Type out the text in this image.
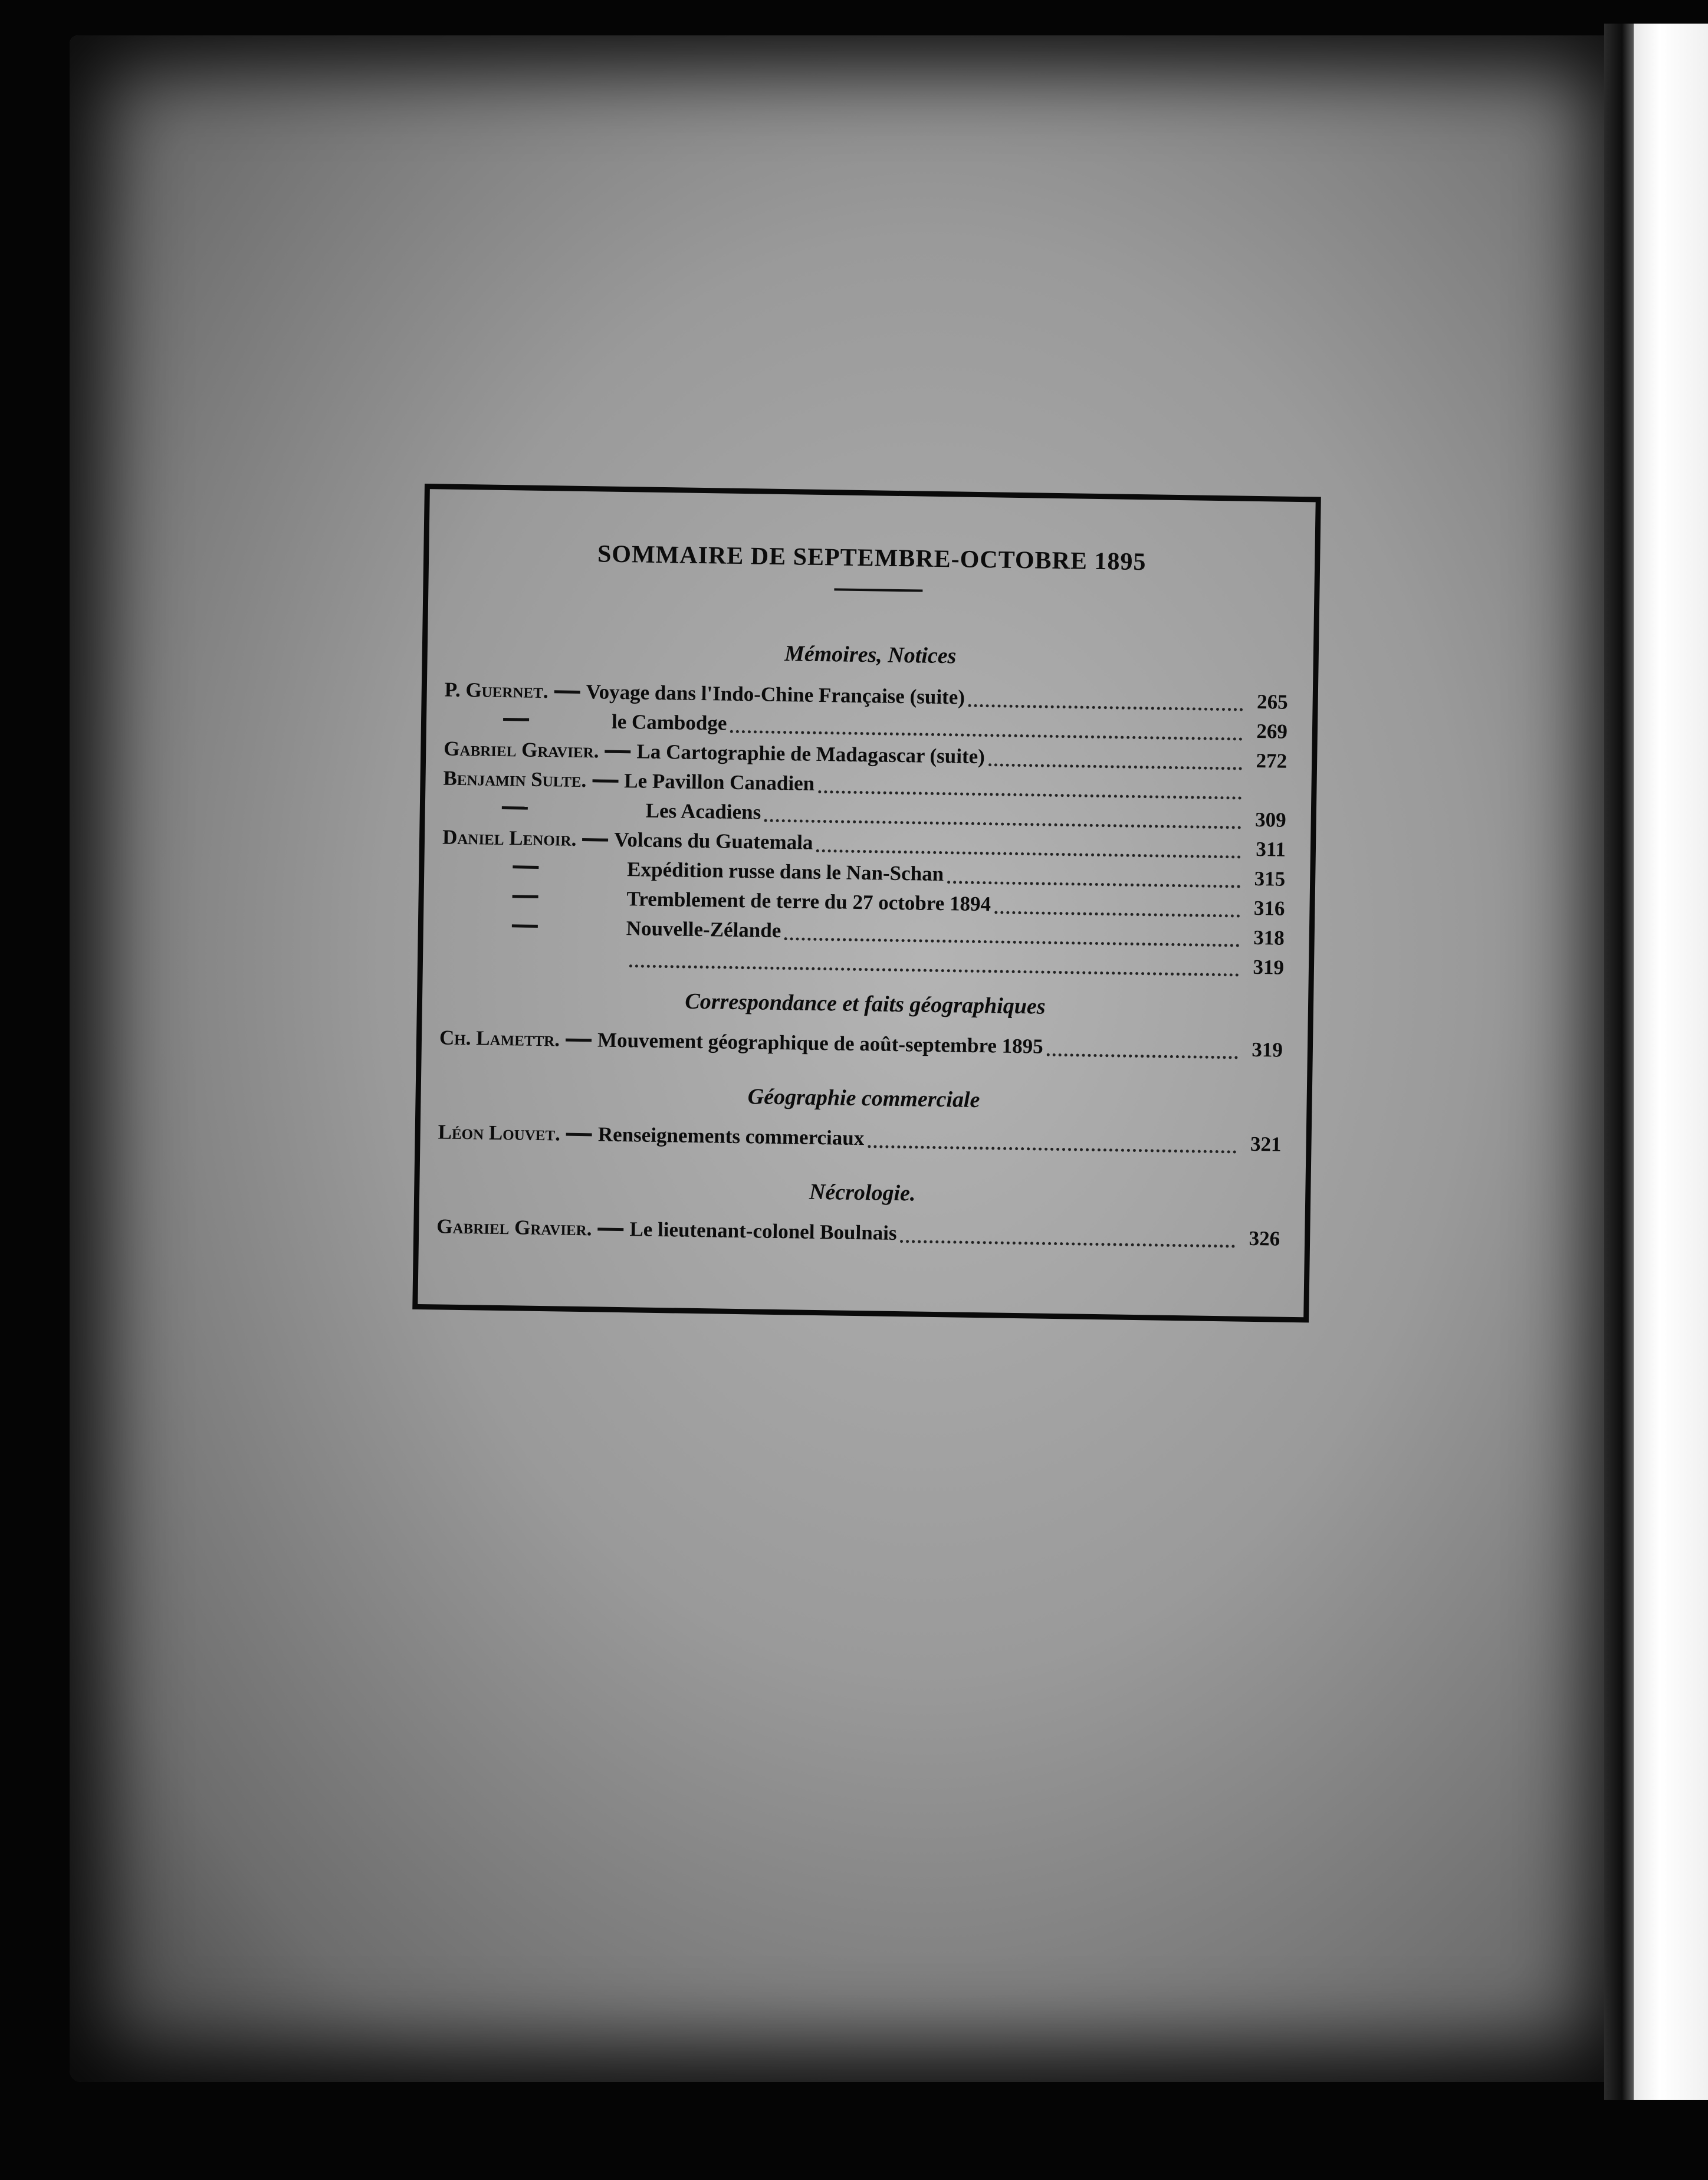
SOMMAIRE DE SEPTEMBRE-OCTOBRE 1895
Mémoires, Notices
P. Guernet. Voyage dans l'Indo-Chine Française (suite)	265
le Cambodge	269
Gabriel Gravier. La Cartographie de Madagascar (suite)	272
Benjamin Sulte. Le Pavillon Canadien
Les Acadiens	309
Daniel Lenoir. Volcans du Guatemala	311
Expédition russe dans le Nan-Schan	315
Tremblement de terre du 27 octobre 1894	316
Nouvelle-Zélande	318
319
Correspondance et faits géographiques
Ch. Lamettr. Mouvement géographique de août-septembre 1895	319
Géographie commerciale
Léon Louvet. Renseignements commerciaux	321
Nécrologie.
Gabriel Gravier. Le lieutenant-colonel Boulnais	326
